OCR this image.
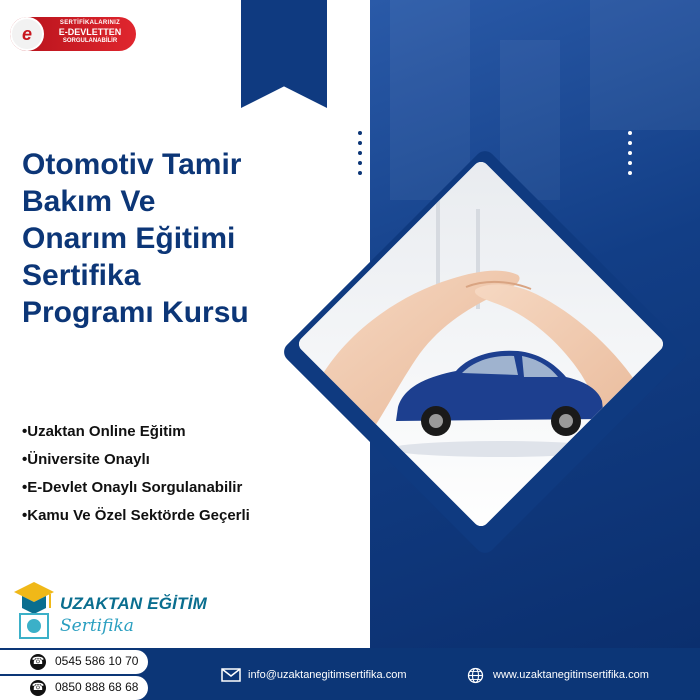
e
SERTİFİKALARINIZ
E-DEVLETTEN
SORGULANABİLİR
Otomotiv Tamir
Bakım Ve
Onarım Eğitimi
Sertifika
Programı Kursu
•Uzaktan Online Eğitim
•Üniversite Onaylı
•E-Devlet Onaylı Sorgulanabilir
•Kamu Ve Özel Sektörde Geçerli
UZAKTAN EĞİTİM
Sertifika
☎ 0545 586 10 70
☎ 0850 888 68 68
info@uzaktanegitimsertifika.com	www.uzaktanegitimsertifika.com
